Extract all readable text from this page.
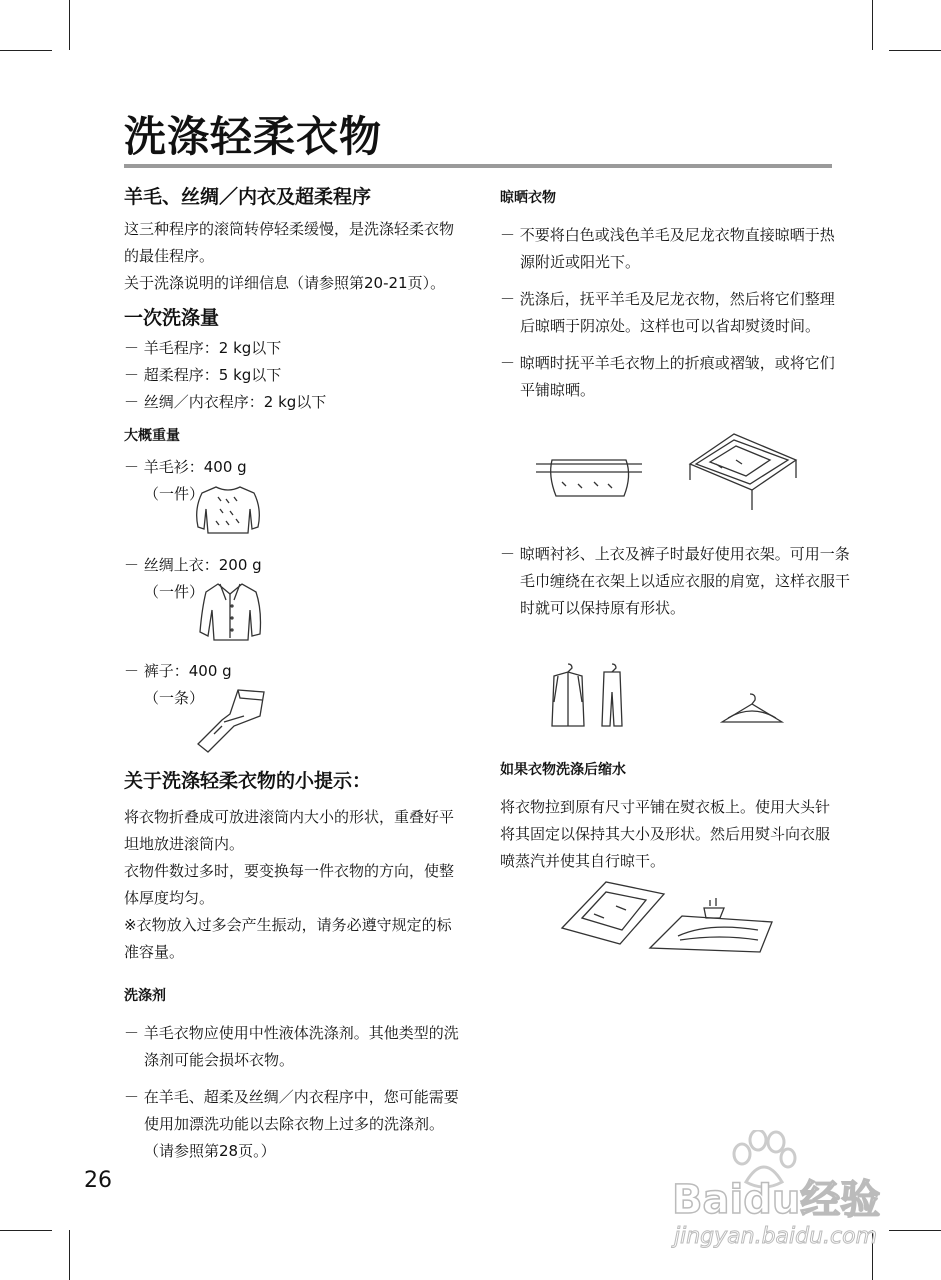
洗涤轻柔衣物
羊毛、丝绸／内衣及超柔程序
这三种程序的滚筒转停轻柔缓慢，是洗涤轻柔衣物的最佳程序。
关于洗涤说明的详细信息（请参照第20-21页）。
一次洗涤量
－ 羊毛程序：2 kg以下
－ 超柔程序：5 kg以下
－ 丝绸／内衣程序：2 kg以下
大概重量
－ 羊毛衫：400 g
（一件）
－ 丝绸上衣：200 g
（一件）
－ 裤子：400 g
（一条）
关于洗涤轻柔衣物的小提示：
将衣物折叠成可放进滚筒内大小的形状，重叠好平坦地放进滚筒内。
衣物件数过多时，要变换每一件衣物的方向，使整体厚度均匀。
※衣物放入过多会产生振动，请务必遵守规定的标准容量。
洗涤剂
－ 羊毛衣物应使用中性液体洗涤剂。其他类型的洗涤剂可能会损坏衣物。
－ 在羊毛、超柔及丝绸／内衣程序中，您可能需要使用加漂洗功能以去除衣物上过多的洗涤剂。（请参照第28页。）
晾晒衣物
－ 不要将白色或浅色羊毛及尼龙衣物直接晾晒于热源附近或阳光下。
－ 洗涤后，抚平羊毛及尼龙衣物，然后将它们整理后晾晒于阴凉处。这样也可以省却熨烫时间。
－ 晾晒时抚平羊毛衣物上的折痕或褶皱，或将它们平铺晾晒。
－ 晾晒衬衫、上衣及裤子时最好使用衣架。可用一条毛巾缠绕在衣架上以适应衣服的肩宽，这样衣服干时就可以保持原有形状。
如果衣物洗涤后缩水
将衣物拉到原有尺寸平铺在熨衣板上。使用大头针将其固定以保持其大小及形状。然后用熨斗向衣服喷蒸汽并使其自行晾干。
26	Baidu经验
jingyan.baidu.com
